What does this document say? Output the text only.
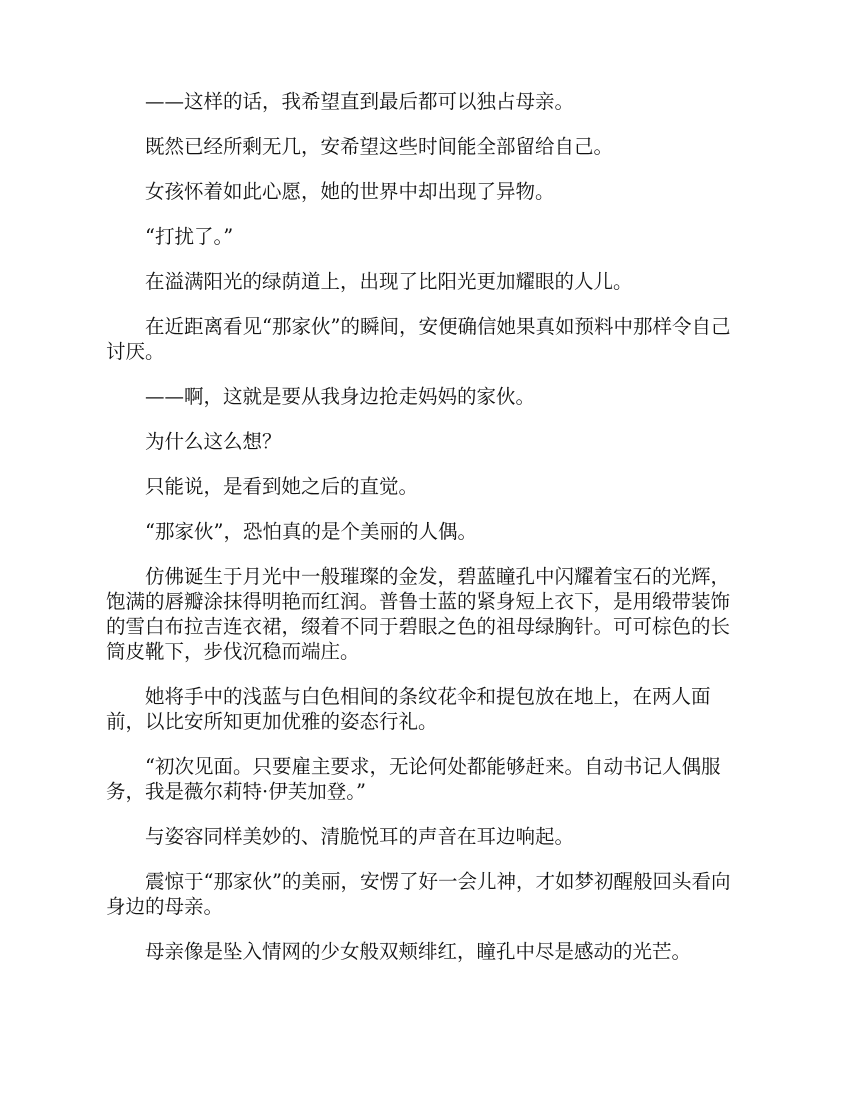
——这样的话，我希望直到最后都可以独占母亲。

既然已经所剩无几，安希望这些时间能全部留给自己。

女孩怀着如此心愿，她的世界中却出现了异物。

“打扰了。”

在溢满阳光的绿荫道上，出现了比阳光更加耀眼的人儿。

在近距离看见“那家伙”的瞬间，安便确信她果真如预料中那样令自己讨厌。

——啊，这就是要从我身边抢走妈妈的家伙。

为什么这么想？

只能说，是看到她之后的直觉。

“那家伙”，恐怕真的是个美丽的人偶。

仿佛诞生于月光中一般璀璨的金发，碧蓝瞳孔中闪耀着宝石的光辉，饱满的唇瓣涂抹得明艳而红润。普鲁士蓝的紧身短上衣下，是用缎带装饰的雪白布拉吉连衣裙，缀着不同于碧眼之色的祖母绿胸针。可可棕色的长筒皮靴下，步伐沉稳而端庄。

她将手中的浅蓝与白色相间的条纹花伞和提包放在地上，在两人面前，以比安所知更加优雅的姿态行礼。

“初次见面。只要雇主要求，无论何处都能够赶来。自动书记人偶服务，我是薇尔莉特·伊芙加登。”

与姿容同样美妙的、清脆悦耳的声音在耳边响起。

震惊于“那家伙”的美丽，安愣了好一会儿神，才如梦初醒般回头看向身边的母亲。

母亲像是坠入情网的少女般双颊绯红，瞳孔中尽是感动的光芒。
